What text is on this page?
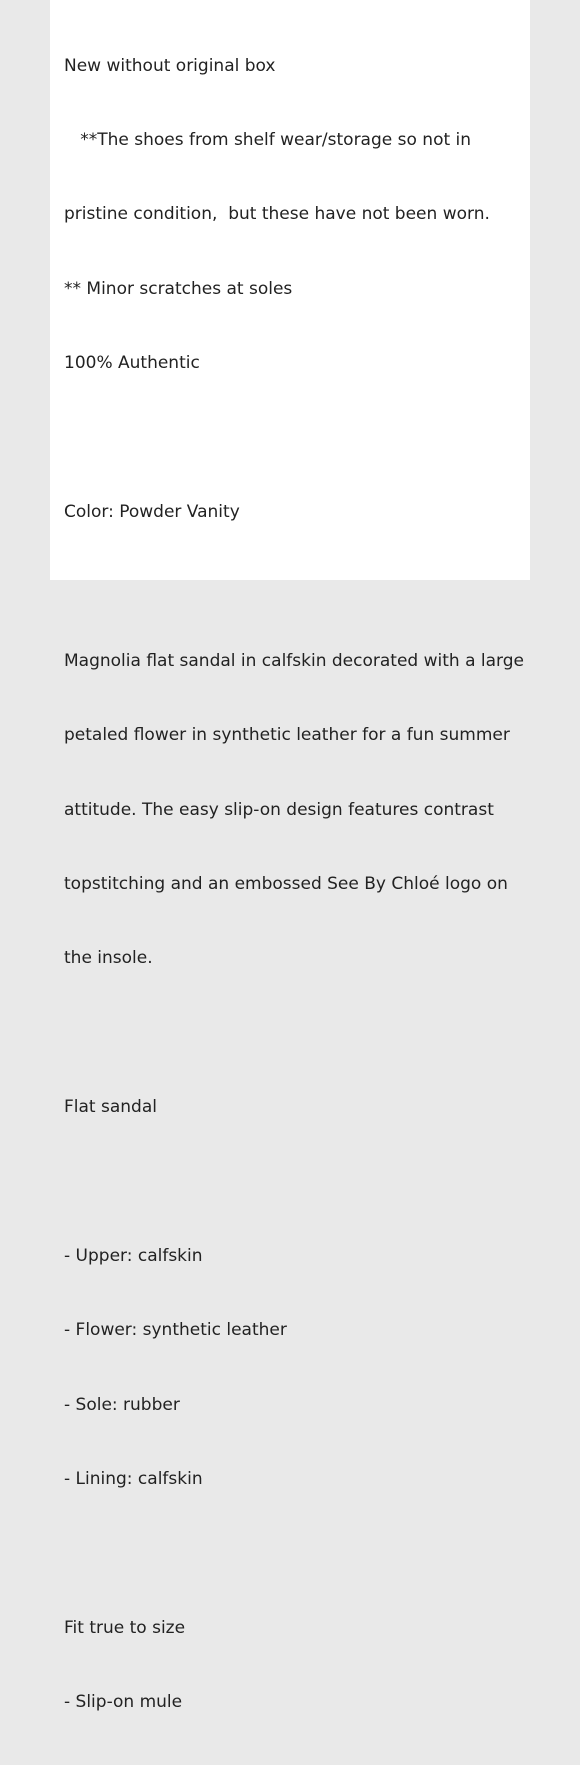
New without original box

**The shoes from shelf wear/storage so not in

pristine condition,  but these have not been worn.

** Minor scratches at soles

100% Authentic

Color: Powder Vanity

Magnolia flat sandal in calfskin decorated with a large

petaled flower in synthetic leather for a fun summer

attitude. The easy slip-on design features contrast

topstitching and an embossed See By Chloé logo on

the insole.

Flat sandal

- Upper: calfskin

- Flower: synthetic leather

- Sole: rubber

- Lining: calfskin

Fit true to size

- Slip-on mule
